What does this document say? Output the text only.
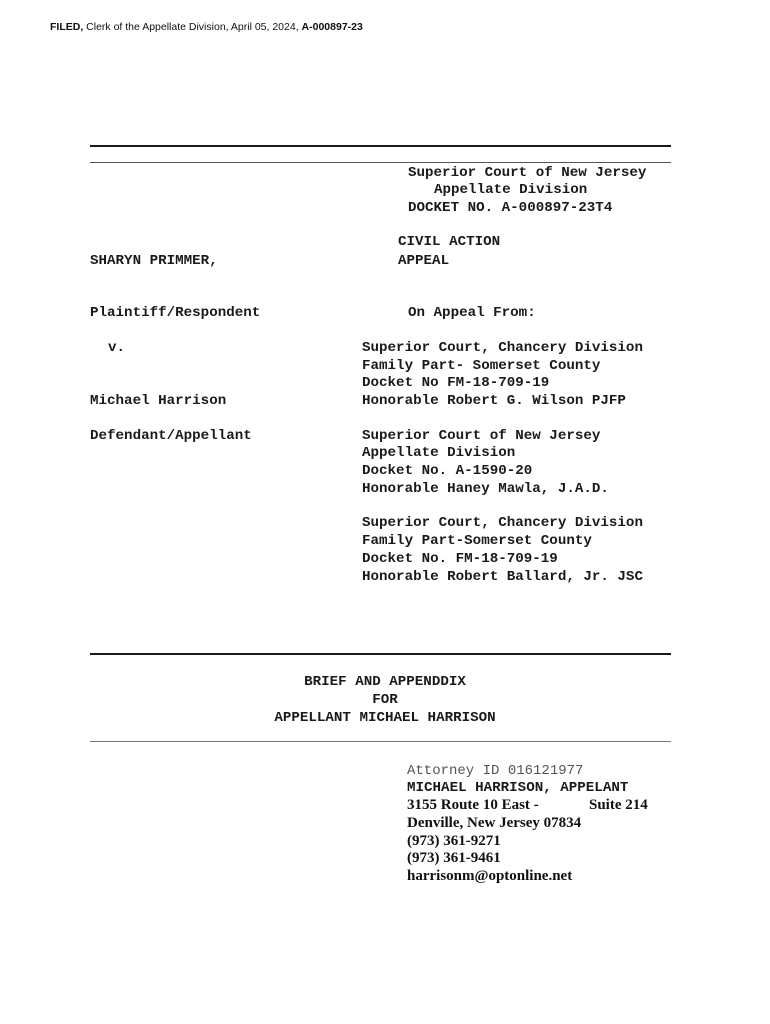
FILED, Clerk of the Appellate Division, April 05, 2024, A-000897-23
Superior Court of New Jersey
Appellate Division
DOCKET NO. A-000897-23T4
CIVIL ACTION
APPEAL
SHARYN PRIMMER,
Plaintiff/Respondent
v.
Michael Harrison
Defendant/Appellant
On Appeal From:
Superior Court, Chancery Division
Family Part- Somerset County
Docket No FM-18-709-19
Honorable Robert G. Wilson PJFP
Superior Court of New Jersey
Appellate Division
Docket No. A-1590-20
Honorable Haney Mawla, J.A.D.
Superior Court, Chancery Division
Family Part-Somerset County
Docket No. FM-18-709-19
Honorable Robert Ballard, Jr. JSC
BRIEF AND APPENDDIX
FOR
APPELLANT MICHAEL HARRISON
Attorney ID 016121977
MICHAEL HARRISON, APPELANT
3155 Route 10 East -	Suite 214
Denville, New Jersey 07834
(973) 361-9271
(973) 361-9461
harrisonm@optonline.net
